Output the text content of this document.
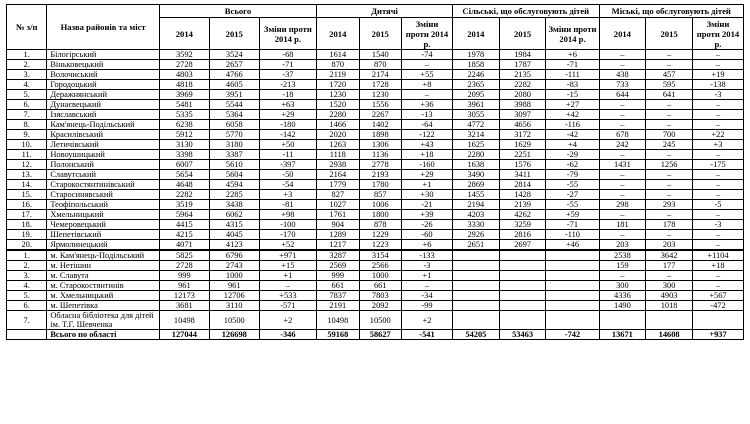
№ з/п	Назва районів та міст	Всього			Дитячі			Сільські, що обслуговують дітей			Міські, що обслуговують дітей		
		2014	2015	Зміни проти 2014 р.	2014	2015	Зміни проти 2014 р.	2014	2015	Зміни проти 2014 р.	2014	2015	Зміни проти 2014 р.
1.	Білогірський	3592	3524	-68	1614	1540	-74	1978	1984	+6	–	–	–
2.	Віньковецький	2728	2657	-71	870	870	–	1858	1787	-71	–	–	–
3.	Волочиський	4803	4766	-37	2119	2174	+55	2246	2135	-111	438	457	+19
4.	Городоцький	4818	4605	-213	1720	1728	+8	2365	2282	-83	733	595	-138
5.	Деражнянський	3969	3951	-18	1230	1230	–	2095	2080	-15	644	641	-3
6.	Дунаєвецький	5481	5544	+63	1520	1556	+36	3961	3988	+27	–	–	–
7.	Ізяславський	5335	5364	+29	2280	2267	-13	3055	3097	+42	–	–	–
8.	Кам'янець-Подільський	6238	6058	-180	1466	1402	-64	4772	4656	-116	–	–	–
9.	Красилівський	5912	5770	-142	2020	1898	-122	3214	3172	-42	678	700	+22
10.	Летичівський	3130	3180	+50	1263	1306	+43	1625	1629	+4	242	245	+3
11.	Новоушицький	3398	3387	-11	1118	1136	+18	2280	2251	-29	–	–	–
12.	Полонський	6007	5610	-397	2938	2778	-160	1638	1576	-62	1431	1256	-175
13.	Славутський	5654	5604	-50	2164	2193	+29	3490	3411	-79	–	–	–
14.	Старокостянтинівський	4648	4594	-54	1779	1780	+1	2869	2814	-55	–	–	–
15.	Старосинявський	2282	2285	+3	827	857	+30	1455	1428	-27	–	–	–
16.	Теофіпольський	3519	3438	-81	1027	1006	-21	2194	2139	-55	298	293	-5
17.	Хмельницький	5964	6062	+98	1761	1800	+39	4203	4262	+59	–	–	–
18.	Чемеровецький	4415	4315	-100	904	878	-26	3330	3259	-71	181	178	-3
19.	Шепетівський	4215	4045	-170	1289	1229	-60	2926	2816	-110	–	–	–
20.	Ярмолинецький	4071	4123	+52	1217	1223	+6	2651	2697	+46	203	203	–
1.	м. Кам'янець-Подільський	5825	6796	+971	3287	3154	-133				2538	3642	+1104
2.	м. Нетішин	2728	2743	+15	2569	2566	-3				159	177	+18
3.	м. Славута	999	1000	+1	999	1000	+1				–	–	–
4.	м. Старокостянтинів	961	961	–	661	661	–				300	300	–
5.	м. Хмельницький	12173	12706	+533	7837	7803	-34				4336	4903	+567
6.	м. Шепетівка	3681	3110	-571	2191	2092	-99				1490	1018	-472
7.	Обласна бібліотека для дітей ім. Т.Г. Шевченка	10498	10500	+2	10498	10500	+2						
	Всього по області	127044	126698	-346	59168	58627	-541	54205	53463	-742	13671	14608	+937
